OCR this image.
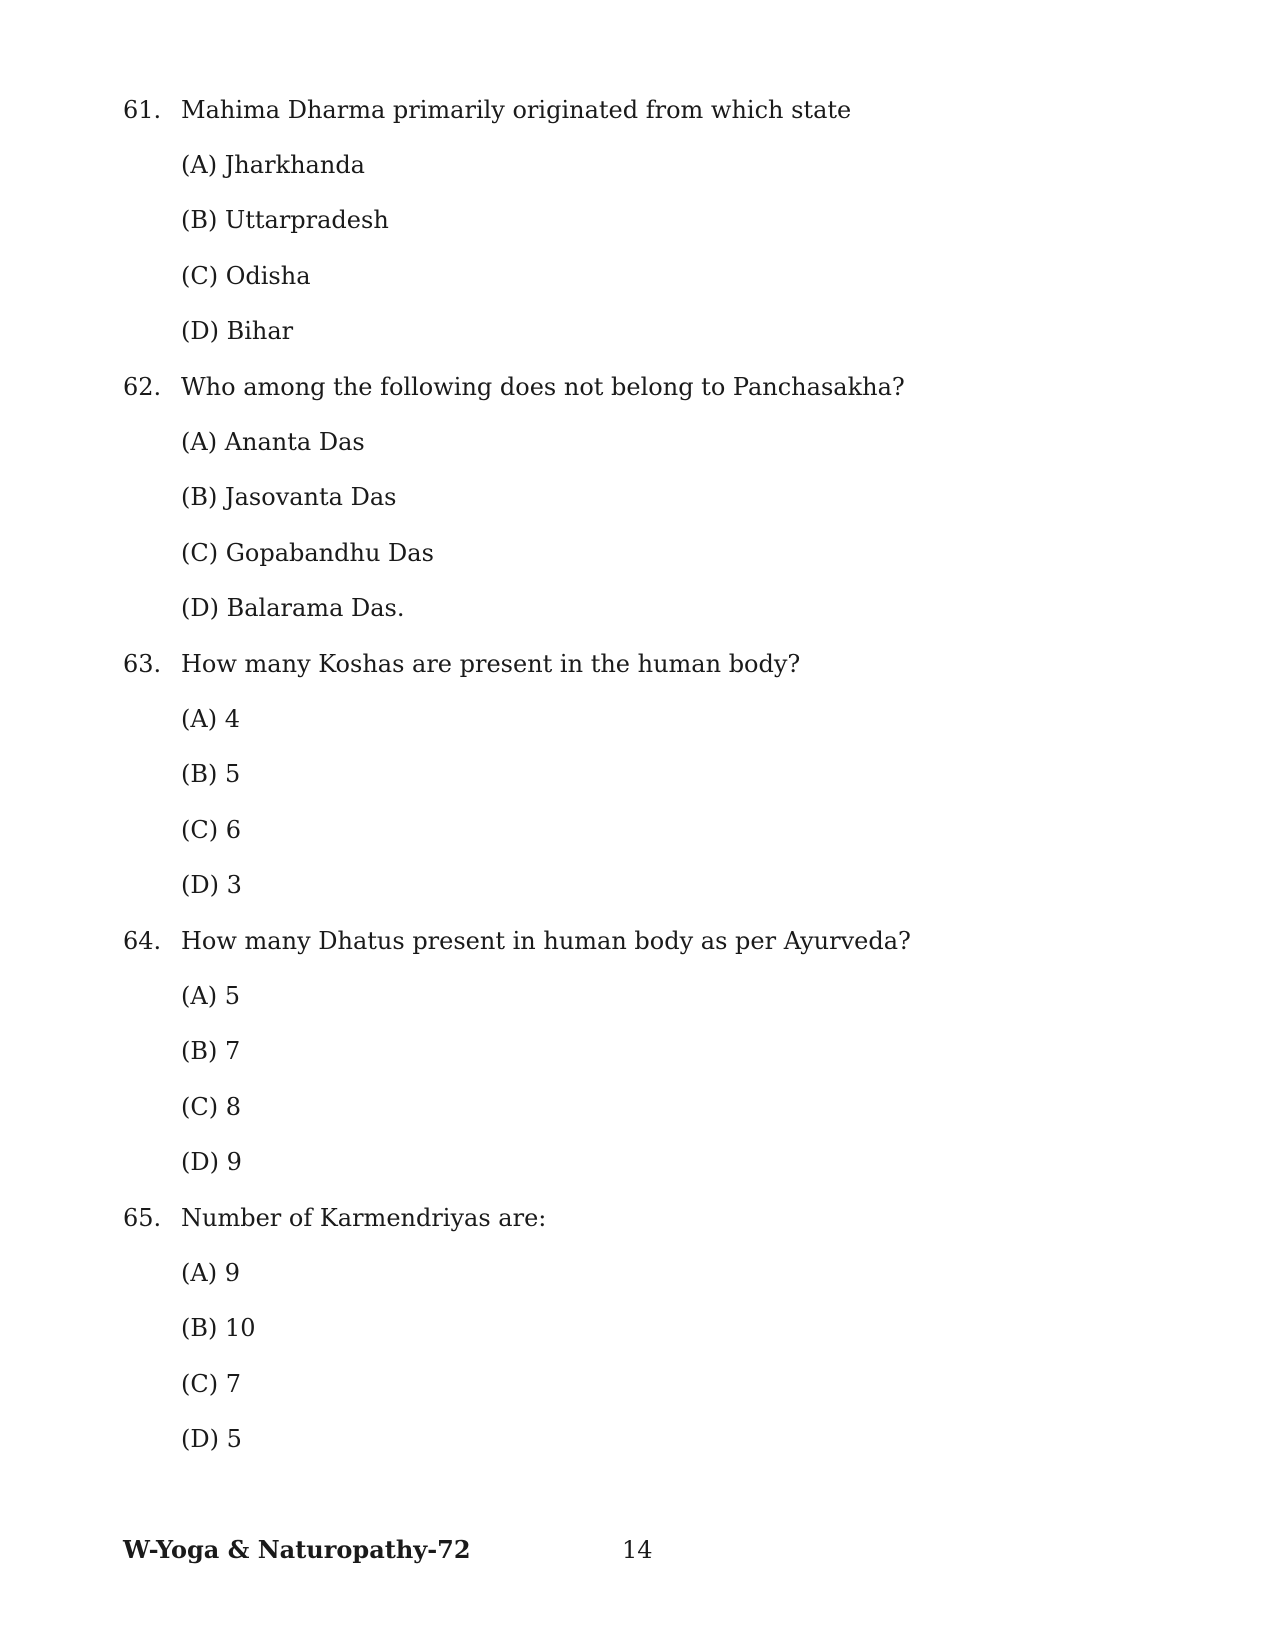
61. Mahima Dharma primarily originated from which state
(A) Jharkhanda
(B) Uttarpradesh
(C) Odisha
(D) Bihar
62. Who among the following does not belong to Panchasakha?
(A) Ananta Das
(B) Jasovanta Das
(C) Gopabandhu Das
(D) Balarama Das.
63. How many Koshas are present in the human body?
(A) 4
(B) 5
(C) 6
(D) 3
64. How many Dhatus present in human body as per Ayurveda?
(A) 5
(B) 7
(C) 8
(D) 9
65. Number of Karmendriyas are:
(A) 9
(B) 10
(C) 7
(D) 5
W-Yoga & Naturopathy-72	14
